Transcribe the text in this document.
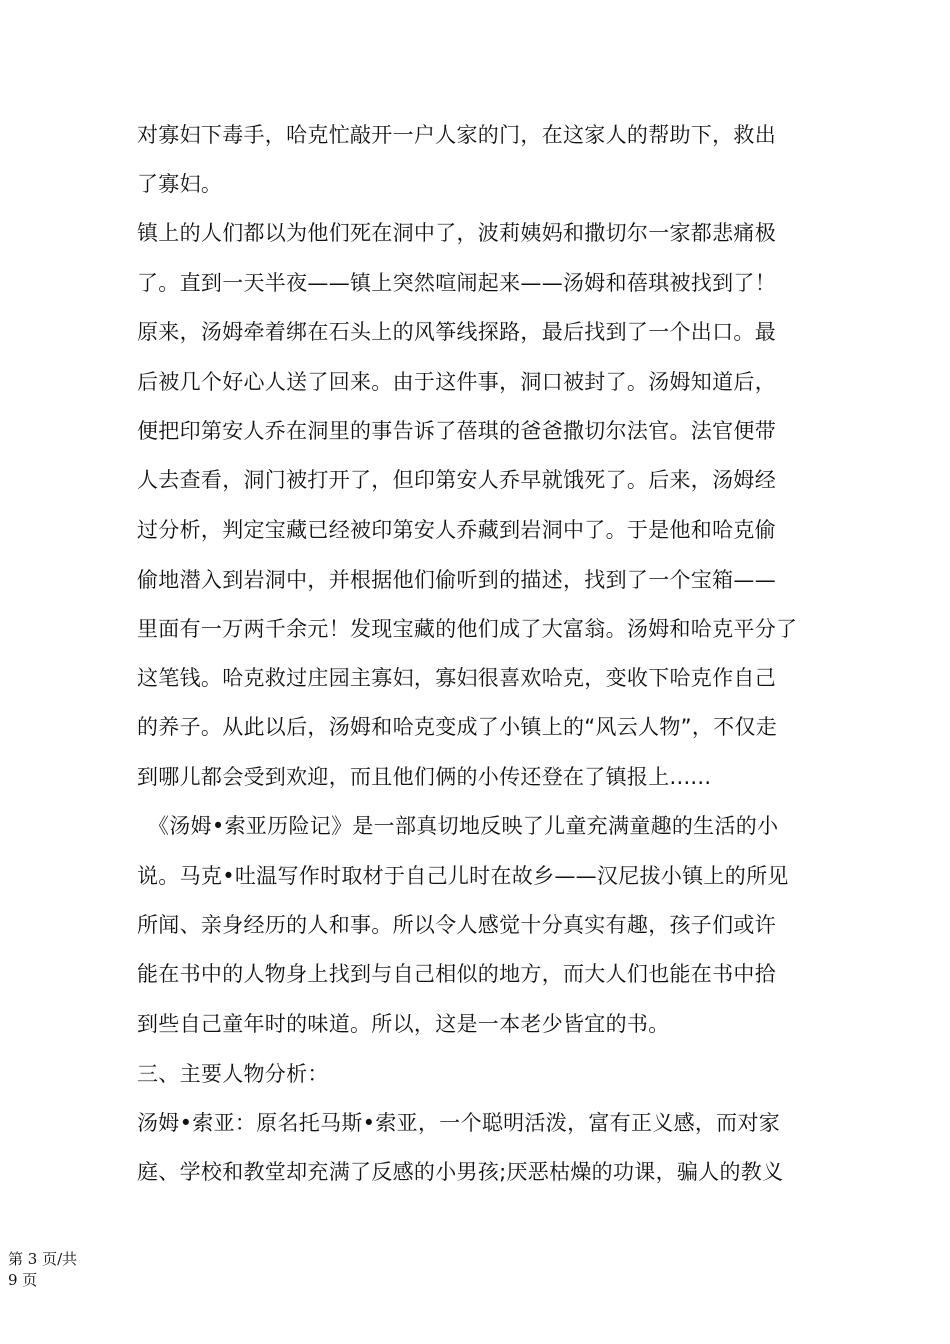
对寡妇下毒手，哈克忙敲开一户人家的门，在这家人的帮助下，救出
了寡妇。
镇上的人们都以为他们死在洞中了，波莉姨妈和撒切尔一家都悲痛极
了。直到一天半夜——镇上突然喧闹起来——汤姆和蓓琪被找到了！
原来，汤姆牵着绑在石头上的风筝线探路，最后找到了一个出口。最
后被几个好心人送了回来。由于这件事，洞口被封了。汤姆知道后，
便把印第安人乔在洞里的事告诉了蓓琪的爸爸撒切尔法官。法官便带
人去查看，洞门被打开了，但印第安人乔早就饿死了。后来，汤姆经
过分析，判定宝藏已经被印第安人乔藏到岩洞中了。于是他和哈克偷
偷地潜入到岩洞中，并根据他们偷听到的描述，找到了一个宝箱——
里面有一万两千余元！发现宝藏的他们成了大富翁。汤姆和哈克平分了
这笔钱。哈克救过庄园主寡妇，寡妇很喜欢哈克，变收下哈克作自己
的养子。从此以后，汤姆和哈克变成了小镇上的“风云人物”，不仅走
到哪儿都会受到欢迎，而且他们俩的小传还登在了镇报上......
《汤姆•索亚历险记》是一部真切地反映了儿童充满童趣的生活的小
说。马克•吐温写作时取材于自己儿时在故乡——汉尼拔小镇上的所见
所闻、亲身经历的人和事。所以令人感觉十分真实有趣，孩子们或许
能在书中的人物身上找到与自己相似的地方，而大人们也能在书中拾
到些自己童年时的味道。所以，这是一本老少皆宜的书。
三、主要人物分析：
汤姆•索亚：原名托马斯•索亚，一个聪明活泼，富有正义感，而对家
庭、学校和教堂却充满了反感的小男孩;厌恶枯燥的功课，骗人的教义
第 3 页/共
9 页
